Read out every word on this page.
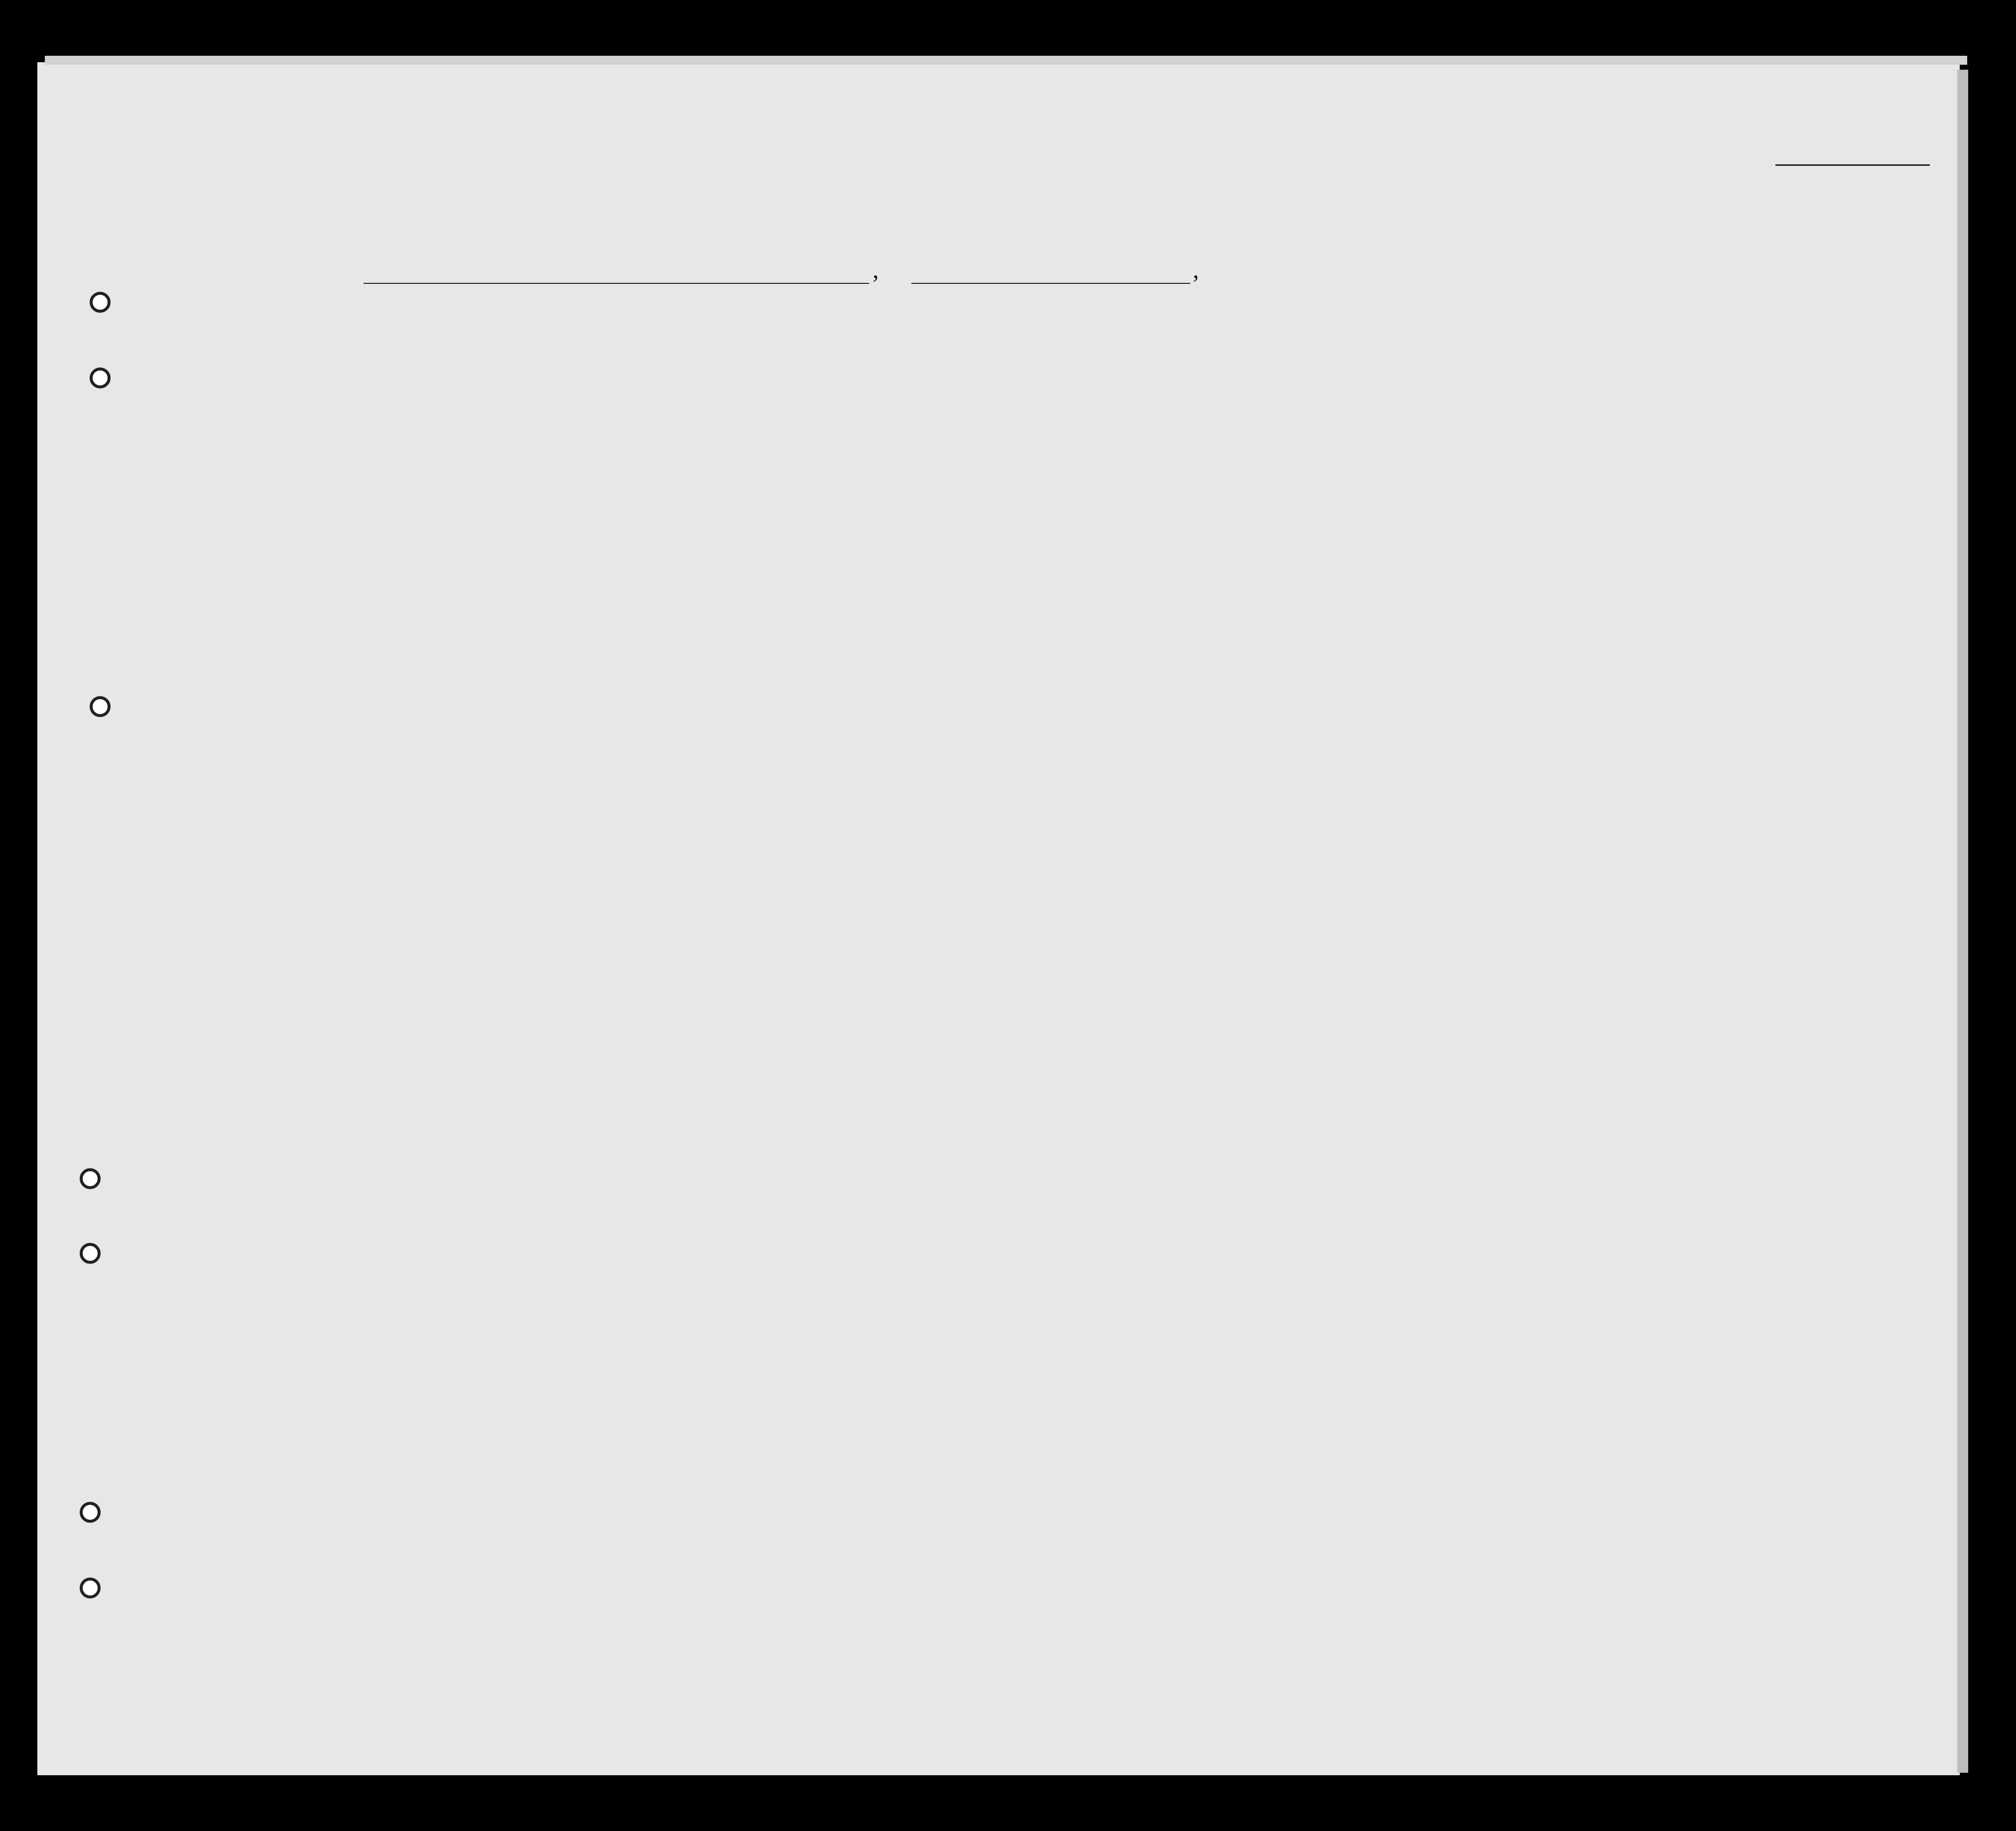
,	,
